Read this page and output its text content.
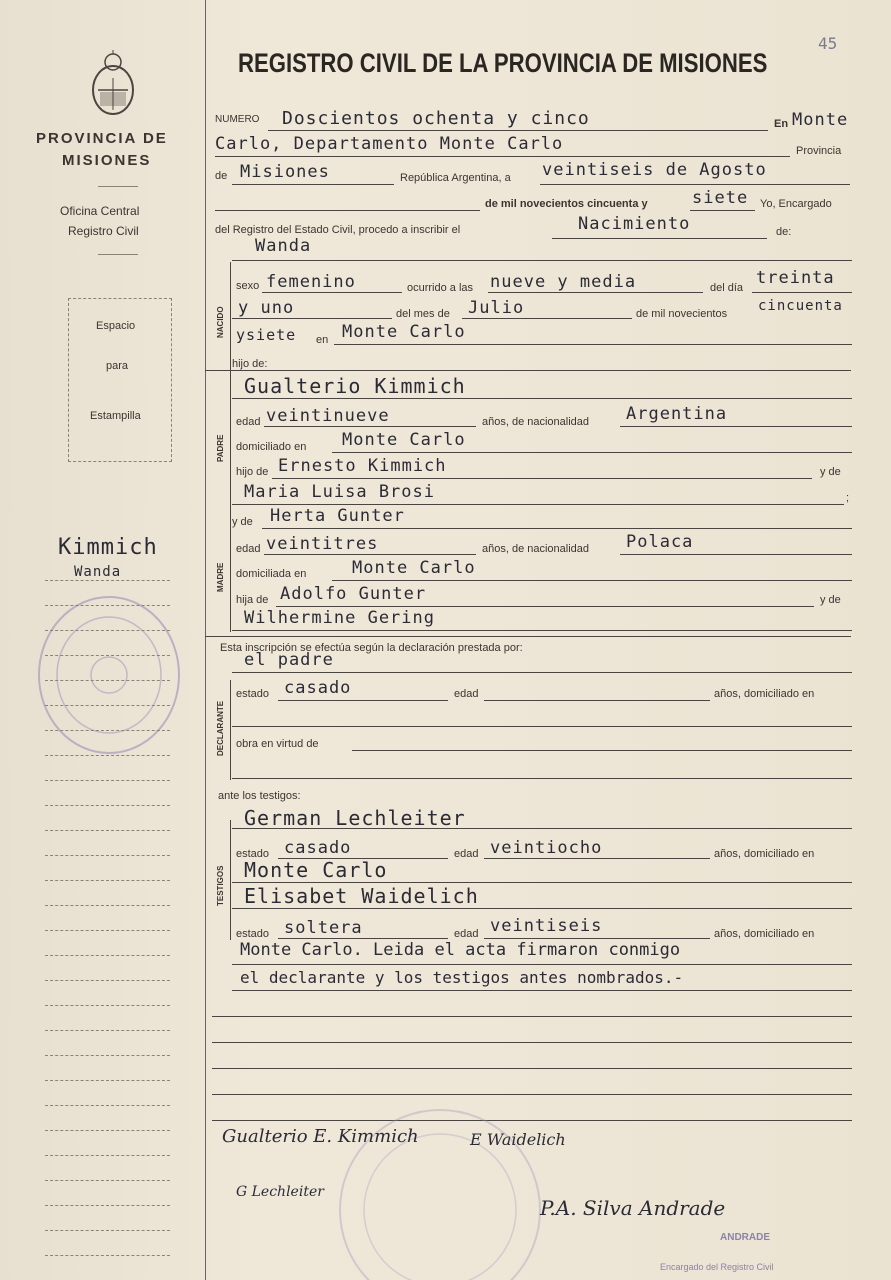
45
PROVINCIA DE
MISIONES
Oficina Central
Registro Civil
Espacio
para
Estampilla
Kimmich
Wanda
NACIDO
PADRE
MADRE
DECLARANTE
TESTIGOS
REGISTRO CIVIL DE LA PROVINCIA DE MISIONES
NUMERO Doscientos ochenta y cinco	En Monte
Carlo, Departamento Monte Carlo	Provincia
de Misiones	República Argentina, a veintiseis de Agosto
de mil novecientos cincuenta y	siete Yo, Encargado
del Registro del Estado Civil, procedo a inscribir el	Nacimiento	de:
Wanda
sexo femenino	ocurrido a las nueve y media	del día treinta
y uno	del mes de Julio	de mil novecientos cincuenta
ysiete en Monte Carlo
hijo de:
Gualterio Kimmich
edad veintinueve	años, de nacionalidad Argentina
domiciliado en Monte Carlo
hijo de Ernesto Kimmich	y de
Maria Luisa Brosi	;
y de Herta Gunter
edad veintitres	años, de nacionalidad Polaca
domiciliada en	Monte Carlo
hija de Adolfo Gunter	y de
Wilhermine Gering
Esta inscripción se efectúa según la declaración prestada por:
el padre
estado casado	edad	años, domiciliado en
obra en virtud de
ante los testigos:
German Lechleiter
estado casado	edad veintiocho	años, domiciliado en
Monte Carlo
Elisabet Waidelich
estado soltera	edad veintiseis	años, domiciliado en
Monte Carlo. Leida el acta firmaron conmigo
el declarante y los testigos antes nombrados.-
Gualterio E. Kimmich	E Waidelich
G Lechleiter
P.A. Silva Andrade
ANDRADE
Encargado del Registro Civil
